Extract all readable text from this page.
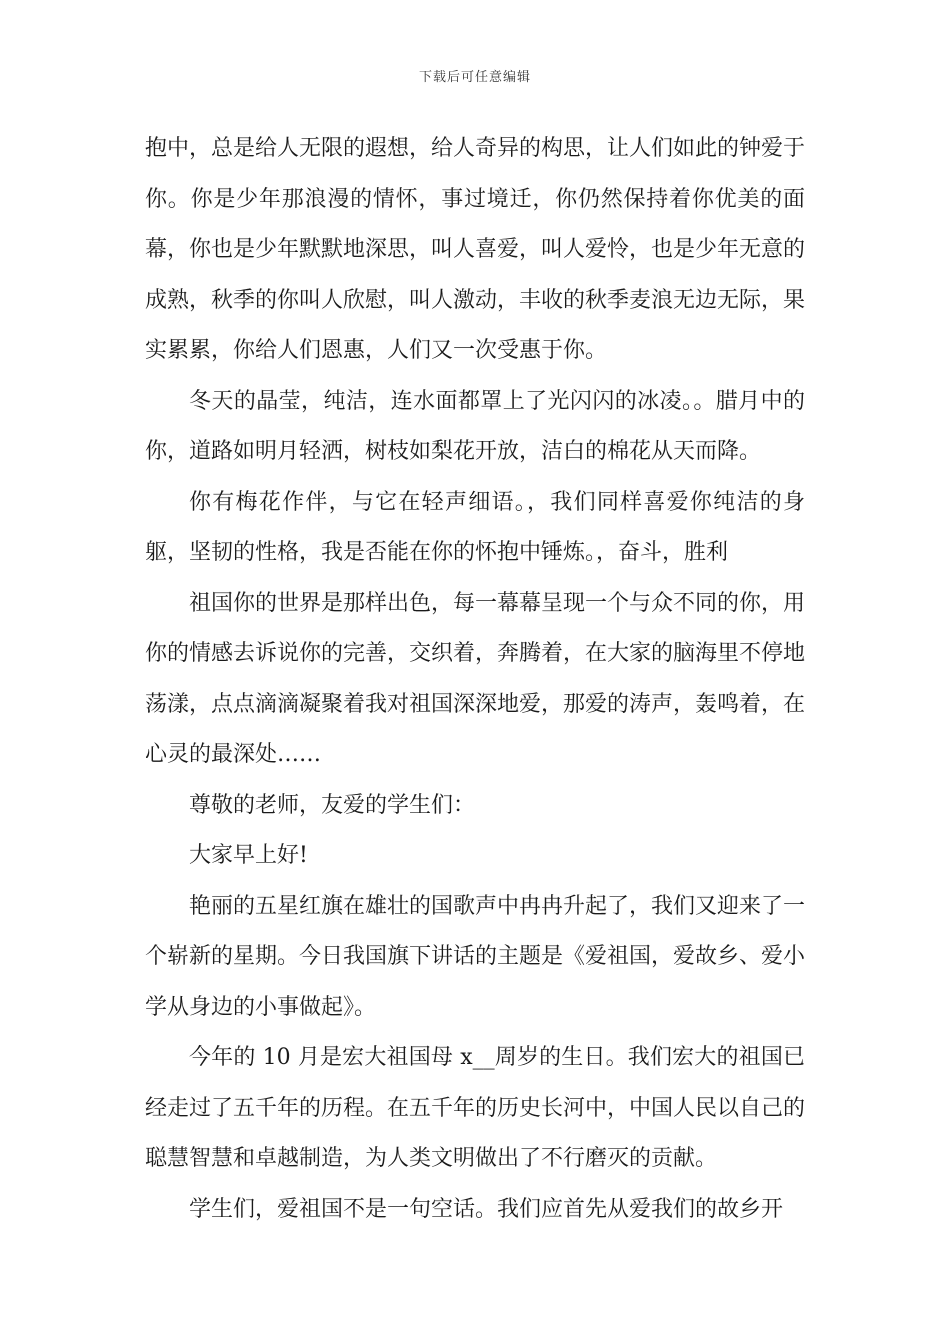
下载后可任意编辑

抱中，总是给人无限的遐想，给人奇异的构思，让人们如此的钟爱于你。你是少年那浪漫的情怀，事过境迁，你仍然保持着你优美的面幕，你也是少年默默地深思，叫人喜爱，叫人爱怜，也是少年无意的成熟，秋季的你叫人欣慰，叫人激动，丰收的秋季麦浪无边无际，果实累累，你给人们恩惠，人们又一次受惠于你。

冬天的晶莹，纯洁，连水面都罩上了光闪闪的冰凌。。腊月中的你，道路如明月轻洒，树枝如梨花开放，洁白的棉花从天而降。

你有梅花作伴，与它在轻声细语。，我们同样喜爱你纯洁的身躯，坚韧的性格，我是否能在你的怀抱中锤炼。，奋斗，胜利

祖国你的世界是那样出色，每一幕幕呈现一个与众不同的你，用你的情感去诉说你的完善，交织着，奔腾着，在大家的脑海里不停地荡漾，点点滴滴凝聚着我对祖国深深地爱，那爱的涛声，轰鸣着，在心灵的最深处……

尊敬的老师，友爱的学生们：

大家早上好!

艳丽的五星红旗在雄壮的国歌声中冉冉升起了，我们又迎来了一个崭新的星期。今日我国旗下讲话的主题是《爱祖国，爱故乡、爱小学从身边的小事做起》。

今年的 10 月是宏大祖国母 x__周岁的生日。我们宏大的祖国已经走过了五千年的历程。在五千年的历史长河中，中国人民以自己的聪慧智慧和卓越制造，为人类文明做出了不行磨灭的贡献。

学生们，爱祖国不是一句空话。我们应首先从爱我们的故乡开
